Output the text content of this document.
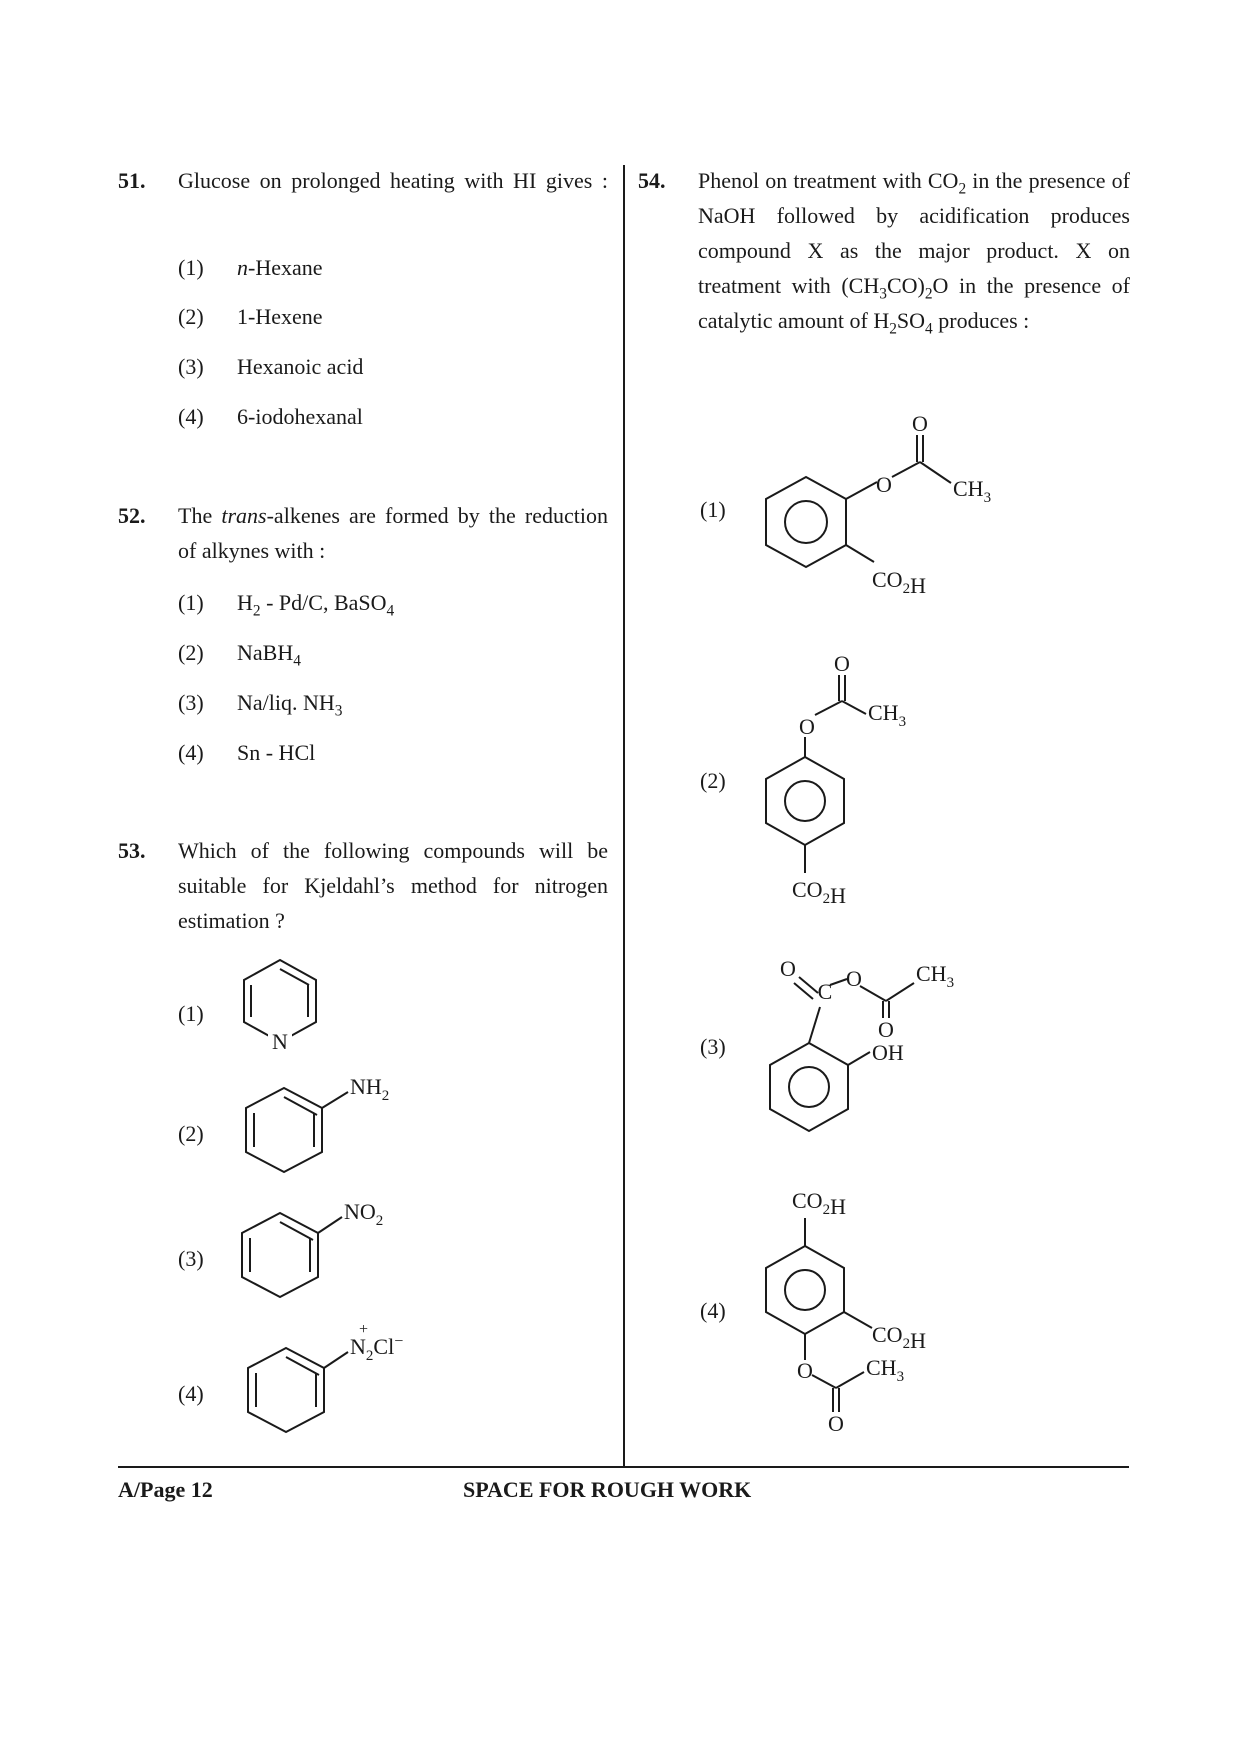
51. Glucose on prolonged heating with HI gives :
(1) n-Hexane
(2) 1-Hexene
(3) Hexanoic acid
(4) 6-iodohexanal
52. The trans-alkenes are formed by the reduction of alkynes with :
(1) $H_2 - Pd/C$, BaSO$_4$
(2) NaBH$_4$
(3) Na/liq. $NH_3$
(4) Sn - HCl
53. Which of the following compounds will be suitable for Kjeldahl’s method for nitrogen estimation ?
(1)
N
(2)
$NH_2$
(3)
$NO_2$
(4)
+
$N_2Cl^-$
54. Phenol on treatment with $CO_2$ in the presence of NaOH followed by acidification produces compound X as the major product. X on treatment with $(CH_3CO)_2O$ in the presence of catalytic amount of $H_2SO_4$ produces :
(1)
O
O
$CH_3$
$CO_2H$
(2)
O
O
$CH_3$
$CO_2H$
(3)
O
C
O $CH_3$
O
OH
(4)
$CO_2H$
$CO_2H$
O $CH_3$
O
A/Page 12	SPACE FOR ROUGH WORK
